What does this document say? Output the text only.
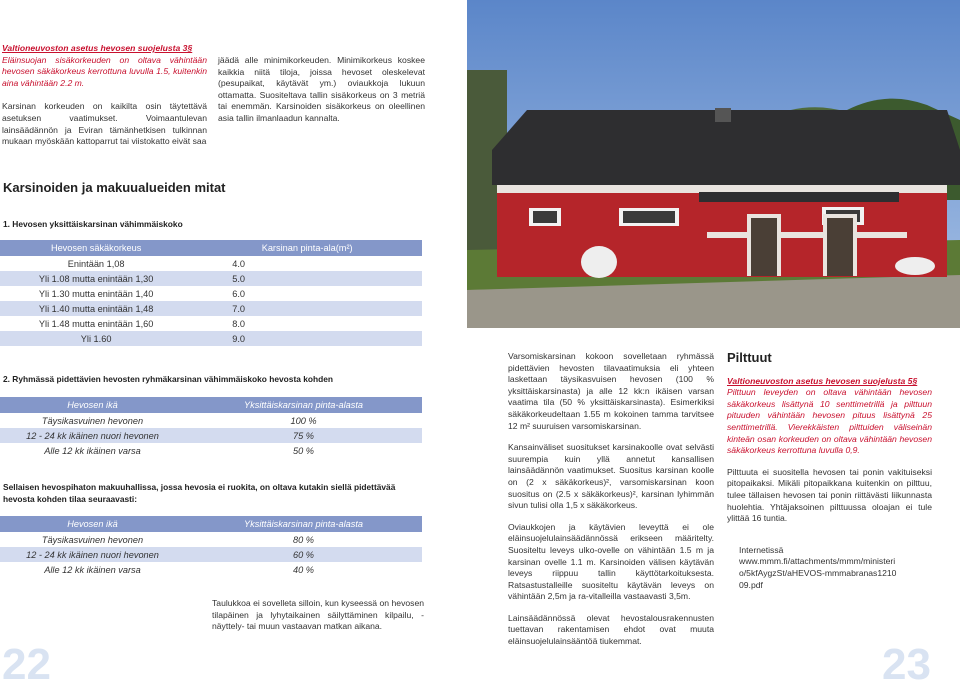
Valtioneuvoston asetus hevosen suojelusta 3§
Eläinsuojan sisäkorkeuden on oltava vähintään hevosen säkäkorkeus kerrottuna luvulla 1.5, kuitenkin aina vähintään 2.2 m.
Karsinan korkeuden on kaikilta osin täytettävä asetuksen vaatimukset. Voimaantulevan lainsäädännön ja Eviran tämänhetkisen tulkinnan mukaan myöskään kattoparrut tai viistokatto eivät saa
jäädä alle minimikorkeuden. Minimikorkeus koskee kaikkia niitä tiloja, joissa hevoset oleskelevat (pesupaikat, käytävät ym.) oviaukkoja lukuun ottamatta. Suositeltava tallin sisäkorkeus on 3 metriä tai enemmän. Karsinoiden sisäkorkeus on oleellinen asia tallin ilmanlaadun kannalta.
Karsinoiden ja makuualueiden mitat
1. Hevosen yksittäiskarsinan vähimmäiskoko
Hevosen säkäkorkeus	Karsinan pinta-ala(m²)
Enintään 1,08	4.0
Yli 1.08 mutta enintään 1,30	5.0
Yli 1.30 mutta enintään 1,40	6.0
Yli 1.40 mutta enintään 1,48	7.0
Yli 1.48 mutta enintään 1,60	8.0
Yli 1.60	9.0
2. Ryhmässä pidettävien hevosten ryhmäkarsinan vähimmäiskoko hevosta kohden
Hevosen ikä	Yksittäiskarsinan pinta-alasta
Täysikasvuinen hevonen	100 %
12 - 24 kk ikäinen nuori hevonen	75 %
Alle 12 kk ikäinen varsa	50 %
Sellaisen hevospihaton makuuhallissa, jossa hevosia ei ruokita, on oltava kutakin siellä pidettävää hevosta kohden tilaa seuraavasti:
Hevosen ikä	Yksittäiskarsinan pinta-alasta
Täysikasvuinen hevonen	80 %
12 - 24 kk ikäinen nuori hevonen	60 %
Alle 12 kk ikäinen varsa	40 %
Taulukkoa ei sovelleta silloin, kun kyseessä on hevosen tilapäinen ja lyhytaikainen säilyttäminen kilpailu, -näyttely- tai muun vastaavan matkan aikana.
22

Varsomiskarsinan kokoon sovelletaan ryhmässä pidettävien hevosten tilavaatimuksia eli yhteen laskettaan täysikasvuisen hevosen (100 % yksittäiskarsinasta) ja alle 12 kk:n ikäisen varsan vaatima tila (50 % yksittäiskarsinasta). Esimerkiksi säkäkorkeudeltaan 1.55 m kokoinen tamma tarvitsee 12 m² suuruisen varsomiskarsinan.

Kansainväliset suositukset karsinakoolle ovat selvästi suurempia kuin yllä annetut kansallisen lainsäädännön vaatimukset. Suositus karsinan koolle on (2 x säkäkorkeus)², varsomiskarsinan koon suositus on (2.5 x säkäkorkeus)², karsinan lyhimmän sivun tulisi olla 1,5 x säkäkorkeus.

Oviaukkojen ja käytävien leveyttä ei ole eläinsuojelulainsäädännössä erikseen määritelty. Suositeltu leveys ulko-ovelle on vähintään 1.5 m ja karsinan ovelle 1.1 m. Karsinoiden välisen käytävän leveys riippuu tallin käyttötarkoituksesta. Ratsastustalleille suositeltu käytävän leveys on vähintään 2,5m ja ra-vitalleilla vastaavasti 3,5m.

Lainsäädännössä olevat hevostalousrakennusten tuettavan rakentamisen ehdot ovat muuta eläinsuojelulainsääntöä tiukemmat.

Pilttuut
Valtioneuvoston asetus hevosen suojelusta 5§

Pilttuun leveyden on oltava vähintään hevosen säkäkorkeus lisättynä 10 senttimetrillä ja pilttuun pituuden vähintään hevosen pituus lisättynä 25 senttimetrillä. Vierekkäisten pilttuiden väliseinän kinteän osan korkeuden on oltava vähintään hevosen säkäkorkeus kerrottuna luvulla 0,9.

Pilttuuta ei suositella hevosen tai ponin vakituiseksi pitopaikaksi. Mikäli pitopaikkana kuitenkin on pilttuu, tulee tällaisen hevosen tai ponin riittävästi liikunnasta huolehtia. Yhtäjaksoinen pilttuussa oloajan ei tule ylittää 16 tuntia.

Internetissä
www.mmm.fi/attachments/mmm/ministerio/5kfAygzSt/aHEVOS-mmmabranas121009.pdf
23
